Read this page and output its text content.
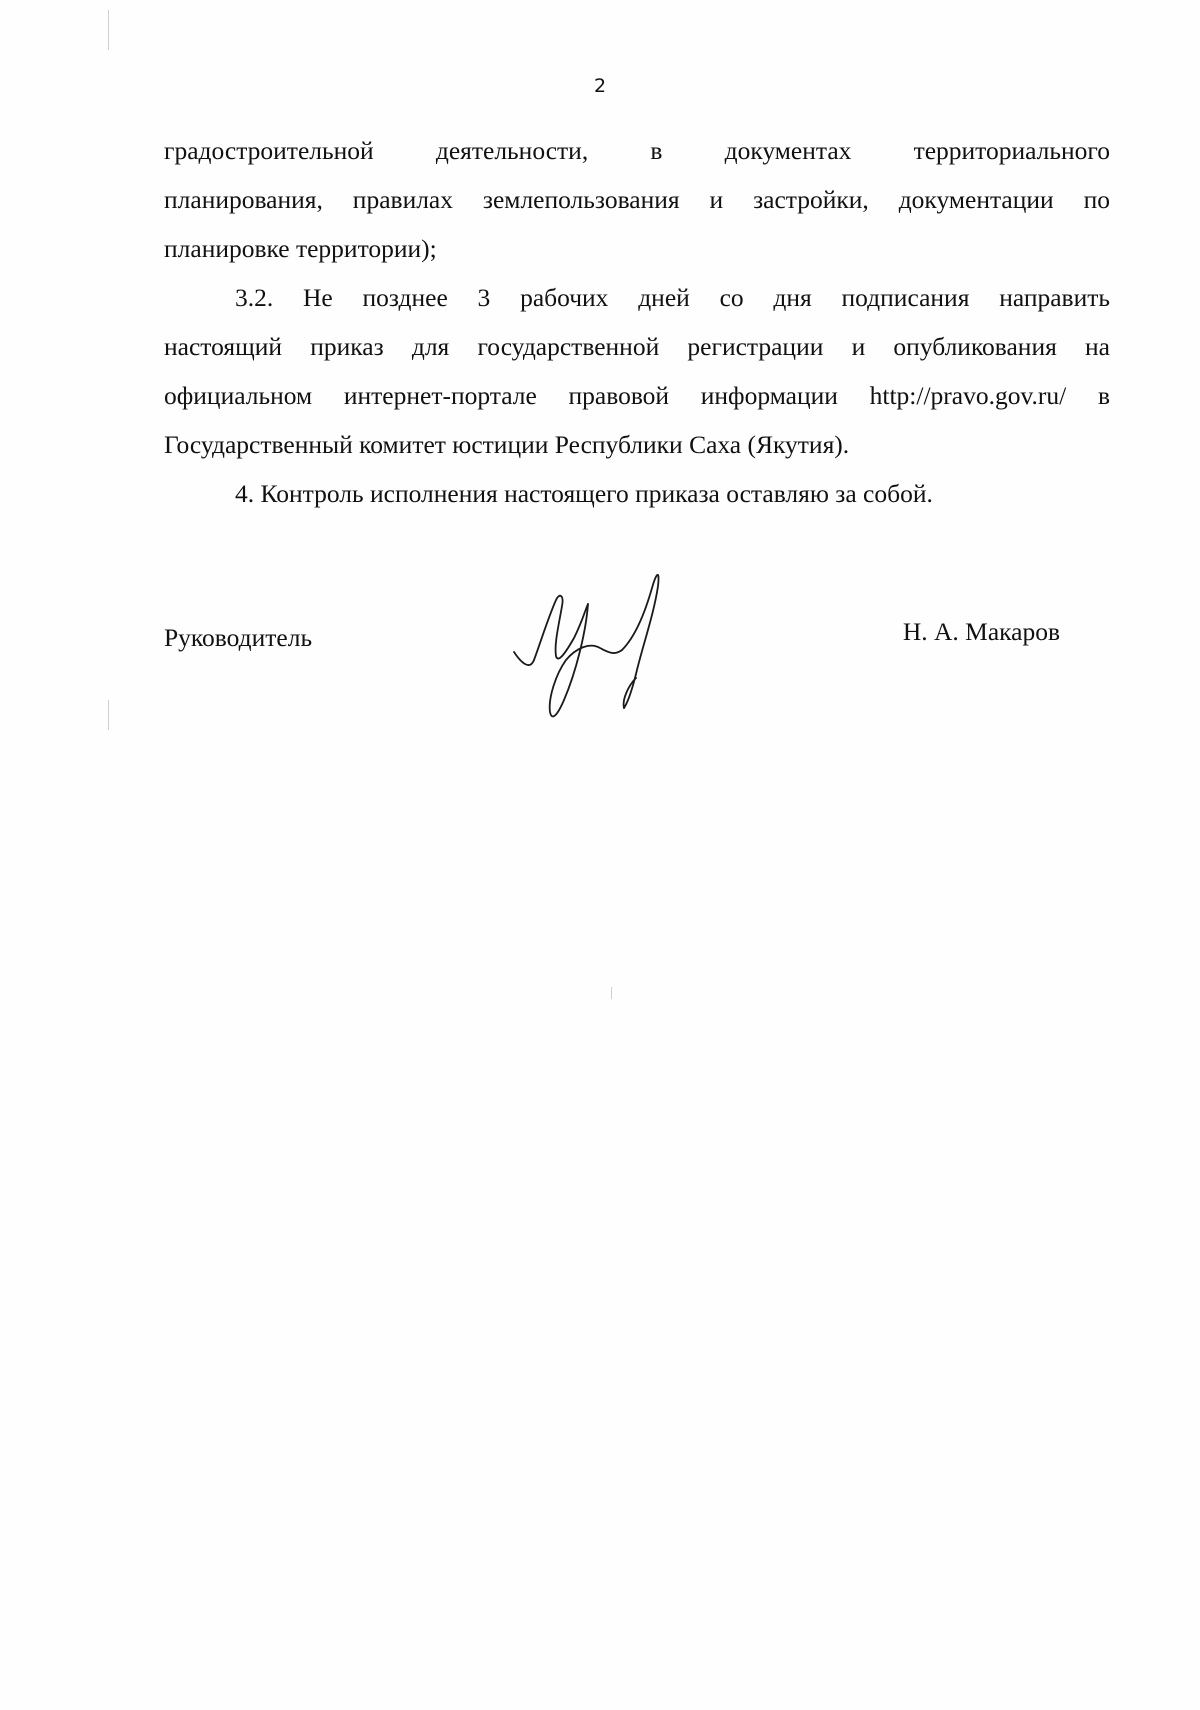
2

градостроительной деятельности, в документах территориального
планирования, правилах землепользования и застройки, документации по
планировке территории);

3.2. Не позднее 3 рабочих дней со дня подписания направить
настоящий приказ для государственной регистрации и опубликования на
официальном интернет-портале правовой информации http://pravo.gov.ru/ в
Государственный комитет юстиции Республики Саха (Якутия).

4. Контроль исполнения настоящего приказа оставляю за собой.

Руководитель	Н. А. Макаров
